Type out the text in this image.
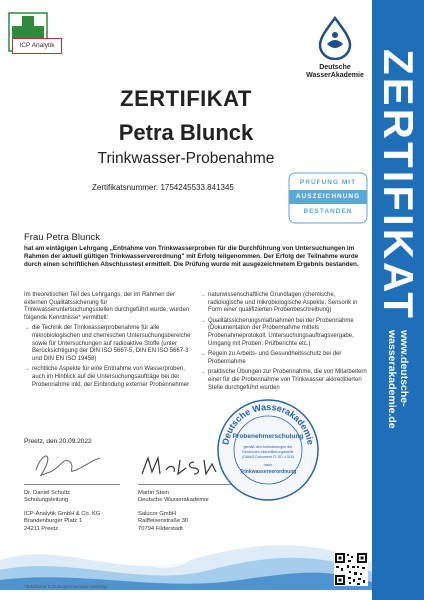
ZERTIFIKAT
www.deutsche-wasserakademie.de
ICP Analytik
Deutsche
WasserAkademie
ZERTIFIKAT
Petra Blunck
Trinkwasser-Probenahme
Zertifikatsnummer: 1754245533.841345
PRÜFUNG MIT
AUSZEICHNUNG
BESTANDEN
Frau Petra Blunck
hat am eintägigen Lehrgang „Entnahme von Trinkwasserproben für die Durchführung von Untersuchungen im Rahmen der aktuell gültigen Trinkwasserverordnung" mit Erfolg teilgenommen. Der Erfolg der Teilnahme wurde durch einen schriftlichen Abschlusstest ermittelt. Die Prüfung wurde mit ausgezeichnetem Ergebnis bestanden.

Im theoretischen Teil des Lehrgangs, der im Rahmen der externen Qualitätssicherung für Trinkwasseruntersuchungsstellen durchgeführt wurde, wurden folgende Kenntnisse* vermittelt:

→ die Technik der Trinkwasserprobenahme für alle mikrobiologischen und chemischen Untersuchungsbereiche sowie für Untersuchungen auf radioaktive Stoffe (unter Berücksichtigung der DIN ISO 5667-5, DIN EN ISO 5667-3 und DIN EN ISO 19458)
→ rechtliche Aspekte für eine Entnahme von Wasserproben, auch im Hinblick auf die Untersuchungsaufträge bei der Probennahme inkl. der Einbindung externer Probennehmer
→ naturwissenschaftliche Grundlagen (chemische, radiologische und mikrobiologische Aspekte, Sensorik in Form einer qualifizierten Probenbeschreibung)
→ Qualitätssicherungsmaßnahmen bei der Probennahme (Dokumentation der Probennahme mittels Probenahmeprotokoll, Untersuchungsauftragsvergabe, Umgang mit Proben, Prüfberichte etc.)
→ Regeln zu Arbeits- und Gesundheitsschutz bei der Probennahme
→ praktische Übungen zur Probennahme, die von Mitarbeitern einer für die Probennahme von Trinkwasser akkreditierten Stelle durchgeführt wurden
Preetz, den 20.09.2022
Dr. Daniel Schultz
Schulungsleitung
ICP-Analytik GmbH & Co. KG
Brandenburger Platz 1
24211 Preetz
Martin Stein
Deutsche Wasserakademie
Salucor GmbH
Raiffeisenstraße 30
70794 Filderstadt
Deutsche Wasserakademie
Probenehmerschulung
gemäß den Anforderungen der
Deutschen Akkreditierungsstelle
(DAkkS-Dokument 71 SD 4 016)
nach
Trinkwasserverordnung
*detaillierte Schulungsunterlagen anbei/ig
